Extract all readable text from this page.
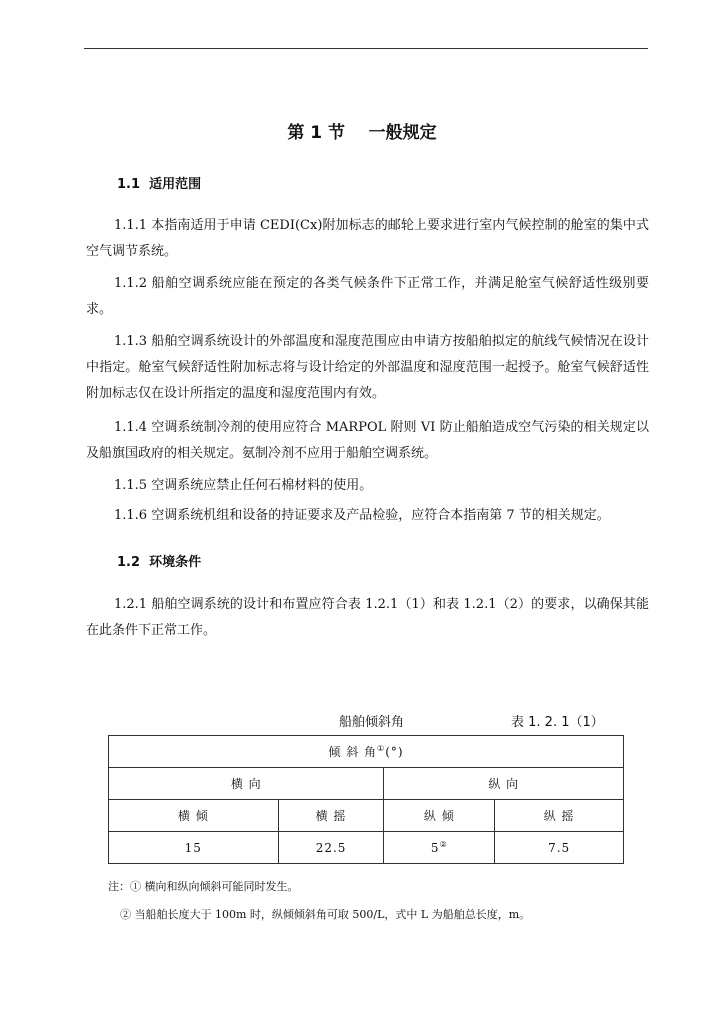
第 1 节    一般规定
1.1  适用范围

1.1.1 本指南适用于申请 CEDI(Cx)附加标志的邮轮上要求进行室内气候控制的舱室的集中式空气调节系统。

1.1.2 船舶空调系统应能在预定的各类气候条件下正常工作，并满足舱室气候舒适性级别要求。

1.1.3 船舶空调系统设计的外部温度和湿度范围应由申请方按船舶拟定的航线气候情况在设计中指定。舱室气候舒适性附加标志将与设计给定的外部温度和湿度范围一起授予。舱室气候舒适性附加标志仅在设计所指定的温度和湿度范围内有效。

1.1.4 空调系统制冷剂的使用应符合 MARPOL 附则 VI 防止船舶造成空气污染的相关规定以及船旗国政府的相关规定。氨制冷剂不应用于船舶空调系统。

1.1.5 空调系统应禁止任何石棉材料的使用。

1.1.6 空调系统机组和设备的持证要求及产品检验，应符合本指南第 7 节的相关规定。

1.2  环境条件

1.2.1 船舶空调系统的设计和布置应符合表 1.2.1（1）和表 1.2.1（2）的要求，以确保其能在此条件下正常工作。

船舶倾斜角	表 1. 2. 1（1）
倾 斜 角①(°)			
横 向		纵 向	
横 倾	横 摇	纵 倾	纵 摇
15	22.5	5②	7.5
注：① 横向和纵向倾斜可能同时发生。
② 当船舶长度大于 100m 时，纵倾倾斜角可取 500/L，式中 L 为船舶总长度，m。
